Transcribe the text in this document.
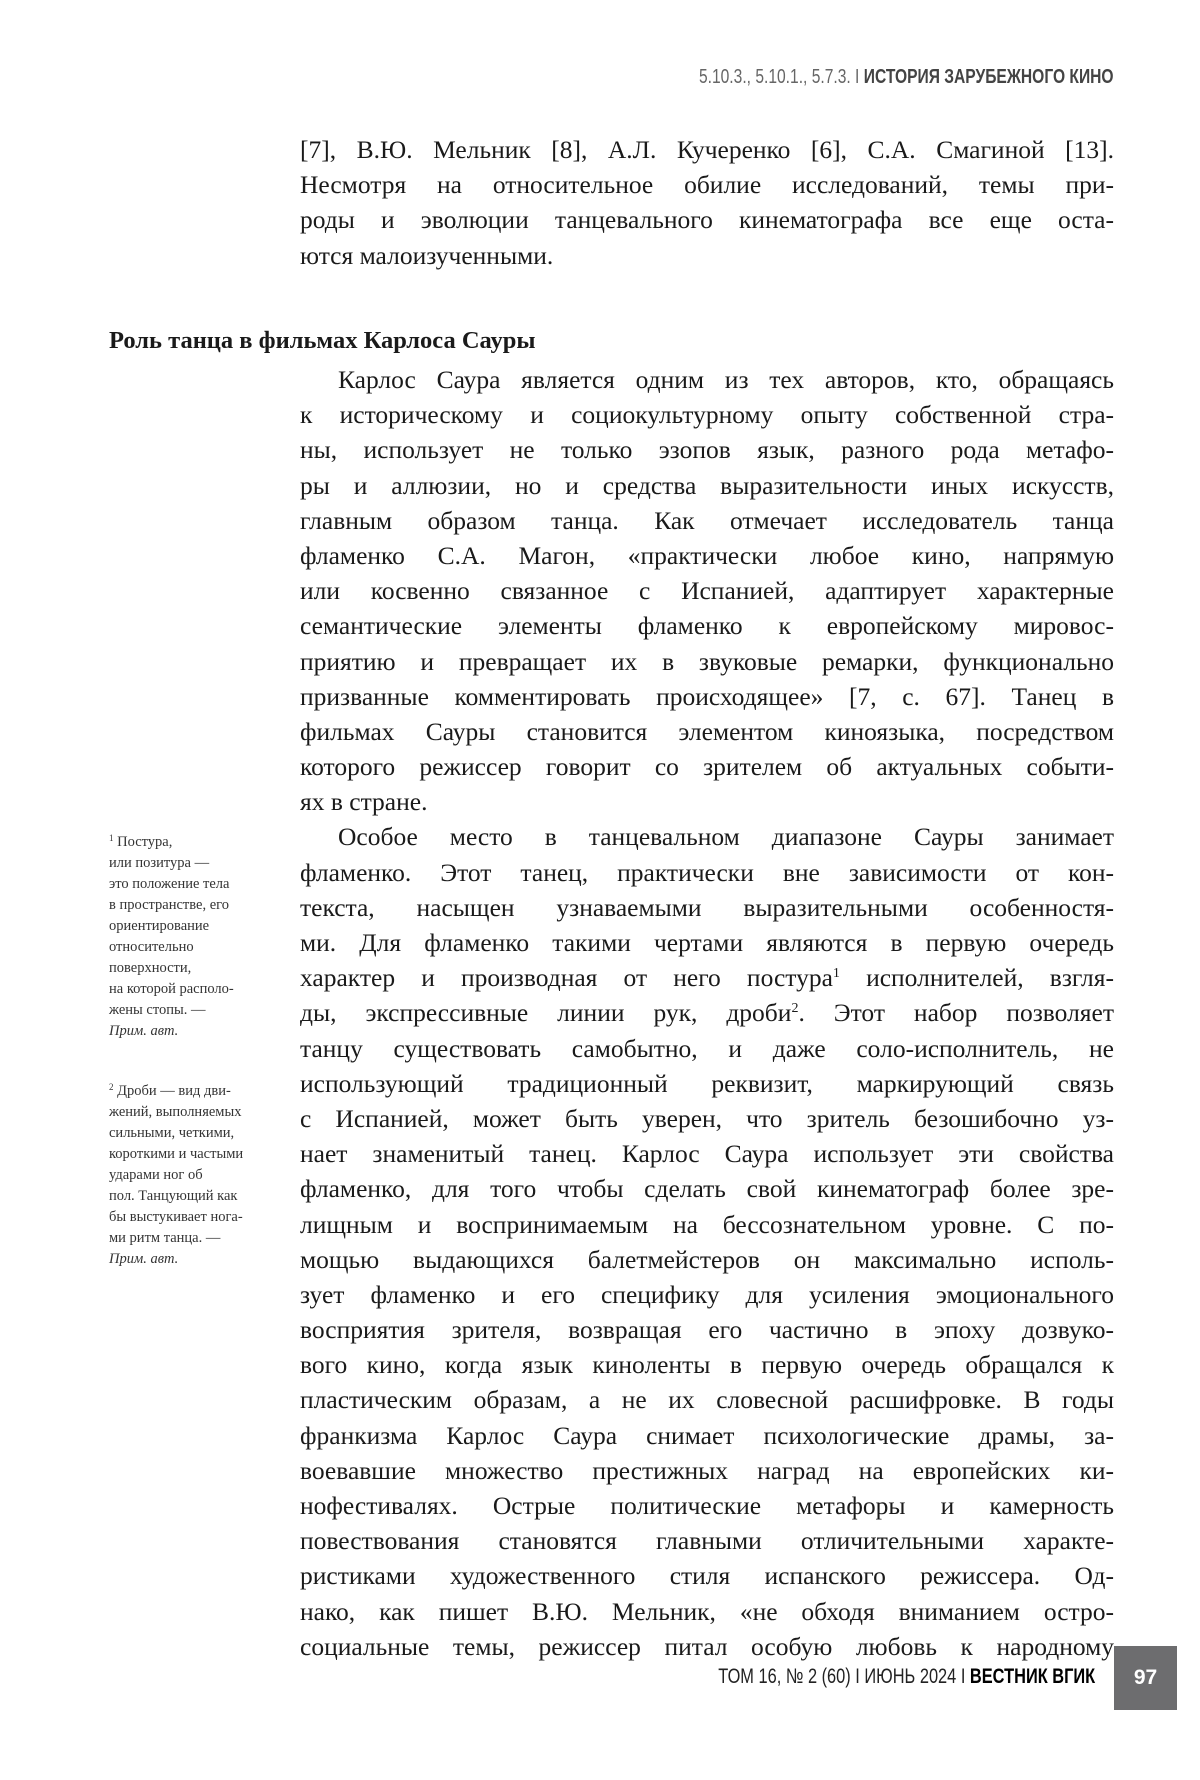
5.10.3., 5.10.1., 5.7.3. I ИСТОРИЯ ЗАРУБЕЖНОГО КИНО
[7], В.Ю. Мельник [8], А.Л. Кучеренко [6], С.А. Смагиной [13].
Несмотря на относительное обилие исследований, темы при-
роды и эволюции танцевального кинематографа все еще оста-
ются малоизученными.
Роль танца в фильмах Карлоса Сауры
Карлос Саура является одним из тех авторов, кто, обращаясь
к историческому и социокультурному опыту собственной стра-
ны, использует не только эзопов язык, разного рода метафо-
ры и аллюзии, но и средства выразительности иных искусств,
главным образом танца. Как отмечает исследователь танца
фламенко С.А. Магон, «практически любое кино, напрямую
или косвенно связанное с Испанией, адаптирует характерные
семантические элементы фламенко к европейскому мировос-
приятию и превращает их в звуковые ремарки, функционально
призванные комментировать происходящее» [7, с. 67]. Танец в
фильмах Сауры становится элементом киноязыка, посредством
которого режиссер говорит со зрителем об актуальных событи-
ях в стране.
Особое место в танцевальном диапазоне Сауры занимает
фламенко. Этот танец, практически вне зависимости от кон-
текста, насыщен узнаваемыми выразительными особенностя-
ми. Для фламенко такими чертами являются в первую очередь
характер и производная от него постура1 исполнителей, взгля-
ды, экспрессивные линии рук, дроби2. Этот набор позволяет
танцу существовать самобытно, и даже соло-исполнитель, не
использующий традиционный реквизит, маркирующий связь
с Испанией, может быть уверен, что зритель безошибочно уз-
нает знаменитый танец. Карлос Саура использует эти свойства
фламенко, для того чтобы сделать свой кинематограф более зре-
лищным и воспринимаемым на бессознательном уровне. С по-
мощью выдающихся балетмейстеров он максимально исполь-
зует фламенко и его специфику для усиления эмоционального
восприятия зрителя, возвращая его частично в эпоху дозвуко-
вого кино, когда язык киноленты в первую очередь обращался к
пластическим образам, а не их словесной расшифровке. В годы
франкизма Карлос Саура снимает психологические драмы, за-
воевавшие множество престижных наград на европейских ки-
нофестивалях. Острые политические метафоры и камерность
повествования становятся главными отличительными характе-
ристиками художественного стиля испанского режиссера. Од-
нако, как пишет В.Ю. Мельник, «не обходя вниманием остро-
социальные темы, режиссер питал особую любовь к народному
1 Постура,
или позитура —
это положение тела
в пространстве, его
ориентирование
относительно
поверхности,
на которой располо-
жены стопы. —
Прим. авт.
2 Дроби — вид дви-
жений, выполняемых
сильными, четкими,
короткими и частыми
ударами ног об
пол. Танцующий как
бы выстукивает нога-
ми ритм танца. —
Прим. авт.
ТОМ 16, № 2 (60) I ИЮНЬ 2024 I ВЕСТНИК ВГИК	97
